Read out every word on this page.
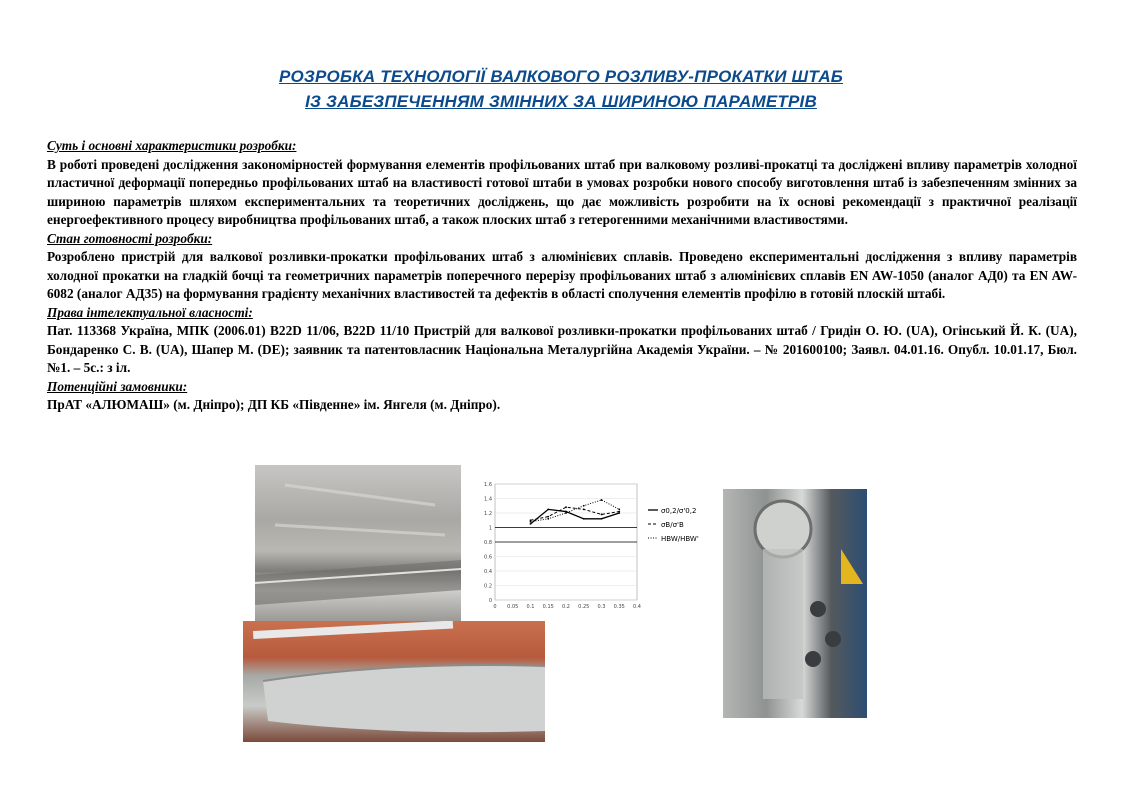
РОЗРОБКА ТЕХНОЛОГІЇ ВАЛКОВОГО РОЗЛИВУ-ПРОКАТКИ ШТАБ
ІЗ ЗАБЕЗПЕЧЕННЯМ ЗМІННИХ ЗА ШИРИНОЮ ПАРАМЕТРІВ

Суть і основні характеристики розробки:

В роботі проведені дослідження закономірностей формування елементів профільованих штаб при валковому розливі-прокатці та досліджені впливу параметрів холодної пластичної деформації попередньо профільованих штаб на властивості готової штаби в умовах розробки нового способу виготовлення штаб із забезпеченням змінних за шириною параметрів шляхом експериментальних та теоретичних досліджень, що дає можливість розробити на їх основі рекомендації з практичної реалізації енергоефективного процесу виробництва профільованих штаб, а також плоских штаб з гетерогенними механічними властивостями.

Стан готовності розробки:

Розроблено пристрій для валкової розливки-прокатки профільованих штаб з алюмінієвих сплавів. Проведено експериментальні дослідження з впливу параметрів холодної прокатки на гладкій бочці та геометричних параметрів поперечного перерізу профільованих штаб з алюмінієвих сплавів EN AW-1050 (аналог АД0) та EN AW-6082 (аналог АД35) на формування градієнту механічних властивостей та дефектів в області сполучення елементів профілю в готовій плоскій штабі.

Права інтелектуальної власності:

Пат. 113368 Україна, МПК (2006.01) B22D 11/06, B22D 11/10 Пристрій для валкової розливки-прокатки профільованих штаб / Гридін О. Ю. (UA), Огінський Й. К. (UA), Бондаренко С. В. (UA), Шапер М. (DE); заявник та патентовласник Національна Металургійна Академія України. – № 201600100; Заявл. 04.01.16. Опубл. 10.01.17, Бюл. №1. – 5с.: з іл.

Потенційні замовники:

ПрАТ «АЛЮМАШ» (м. Дніпро); ДП КБ «Південне» ім. Янгеля (м. Дніпро).

0
0.2
0.4
0.6
0.8
1
1.2
1.4
1.6
0 0.05 0.1 0.15 0.2 0.25 0.3 0.35 0.4
σ0,2/σ'0,2
σB/σ'B
HBW/HBW'
